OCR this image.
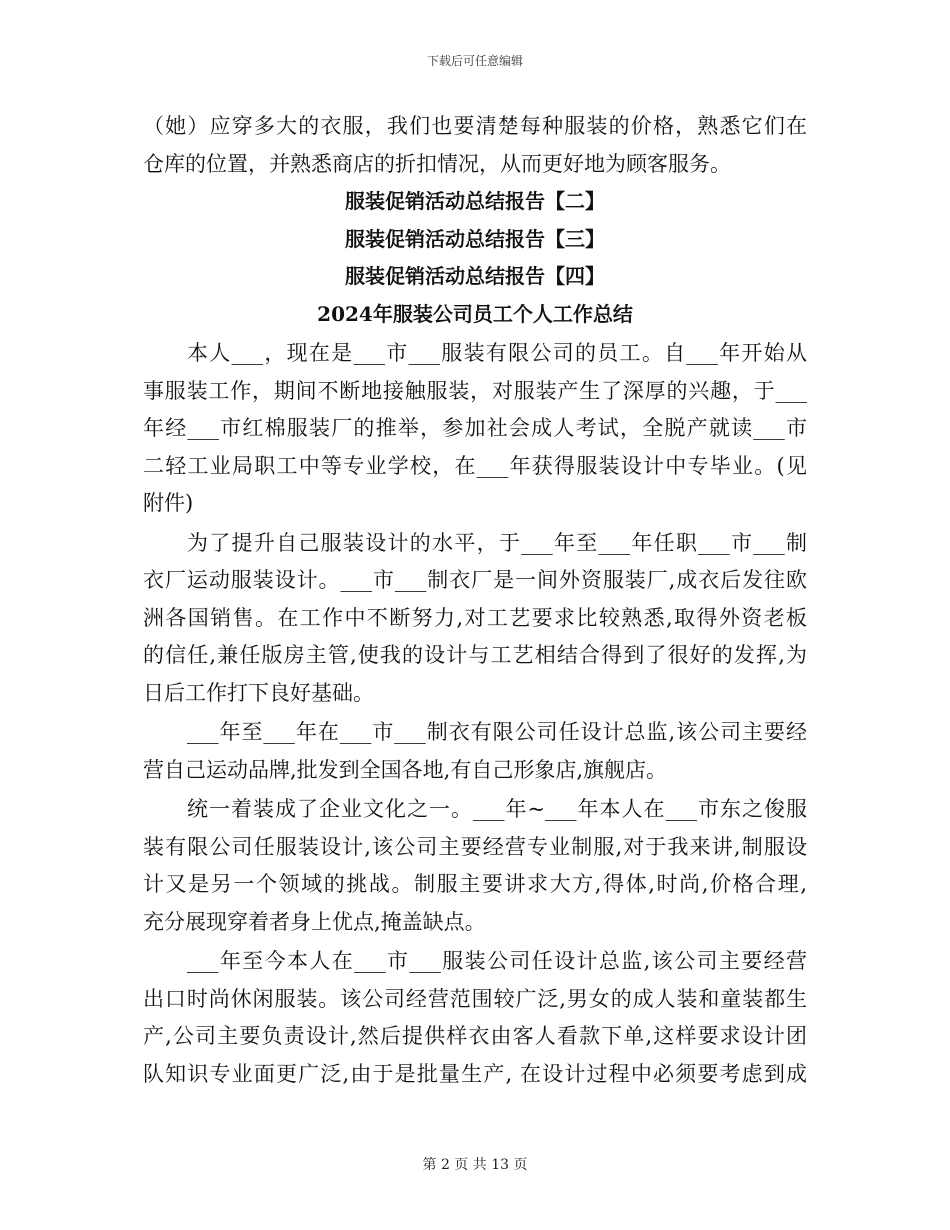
下载后可任意编辑
（她）应穿多大的衣服，我们也要清楚每种服装的价格，熟悉它们在
仓库的位置，并熟悉商店的折扣情况，从而更好地为顾客服务。
服装促销活动总结报告【二】
服装促销活动总结报告【三】
服装促销活动总结报告【四】
2024年服装公司员工个人工作总结
本人___，现在是___市___服装有限公司的员工。自___年开始从
事服装工作，期间不断地接触服装，对服装产生了深厚的兴趣，于___
年经___市红棉服装厂的推举，参加社会成人考试，全脱产就读___市
二轻工业局职工中等专业学校，在___年获得服装设计中专毕业。(见
附件)
为了提升自己服装设计的水平，于___年至___年任职___市___制
衣厂运动服装设计。___市___制衣厂是一间外资服装厂,成衣后发往欧
洲各国销售。在工作中不断努力,对工艺要求比较熟悉,取得外资老板
的信任,兼任版房主管,使我的设计与工艺相结合得到了很好的发挥,为
日后工作打下良好基础。
___年至___年在___市___制衣有限公司任设计总监,该公司主要经
营自己运动品牌,批发到全国各地,有自己形象店,旗舰店。
统一着装成了企业文化之一。___年~___年本人在___市东之俊服
装有限公司任服装设计,该公司主要经营专业制服,对于我来讲,制服设
计又是另一个领域的挑战。制服主要讲求大方,得体,时尚,价格合理,
充分展现穿着者身上优点,掩盖缺点。
___年至今本人在___市___服装公司任设计总监,该公司主要经营
出口时尚休闲服装。该公司经营范围较广泛,男女的成人装和童装都生
产,公司主要负责设计,然后提供样衣由客人看款下单,这样要求设计团
队知识专业面更广泛,由于是批量生产, 在设计过程中必须要考虑到成
第 2 页 共 13 页
